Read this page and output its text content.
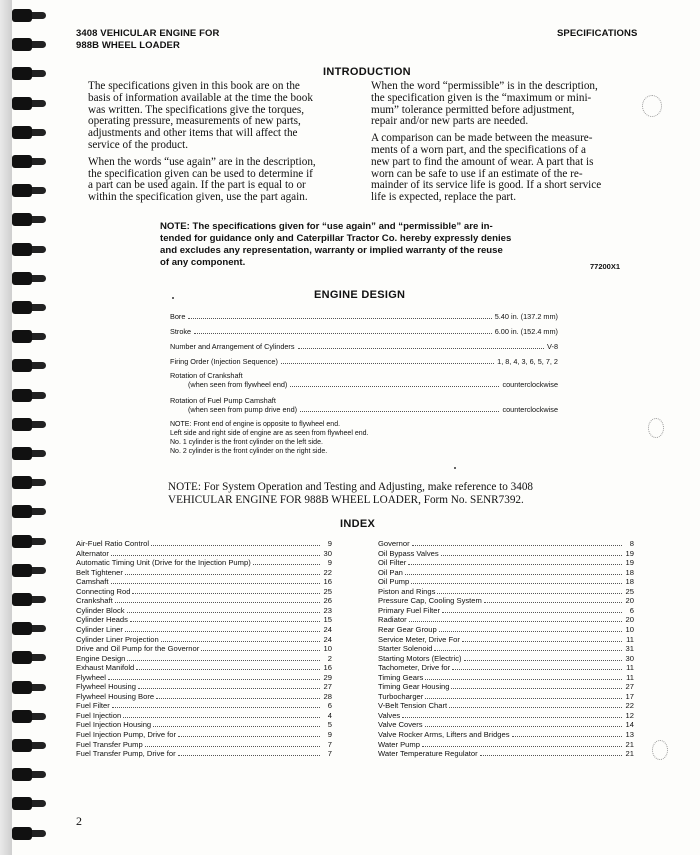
3408 VEHICULAR ENGINE FOR
988B WHEEL LOADER
SPECIFICATIONS
INTRODUCTION
The specifications given in this book are on the
basis of information available at the time the book
was written. The specifications give the torques,
operating pressure, measurements of new parts,
adjustments and other items that will affect the
service of the product.
When the words “use again” are in the description,
the specification given can be used to determine if
a part can be used again. If the part is equal to or
within the specification given, use the part again.
When the word “permissible” is in the description,
the specification given is the “maximum or mini-
mum” tolerance permitted before adjustment,
repair and/or new parts are needed.
A comparison can be made between the measure-
ments of a worn part, and the specifications of a
new part to find the amount of wear. A part that is
worn can be safe to use if an estimate of the re-
mainder of its service life is good. If a short service
life is expected, replace the part.
NOTE: The specifications given for “use again” and “permissible” are in-
tended for guidance only and Caterpillar Tractor Co. hereby expressly denies
and excludes any representation, warranty or implied warranty of the reuse
of any component.	77200X1
ENGINE DESIGN
Bore	5.40 in. (137.2 mm)
Stroke	6.00 in. (152.4 mm)
Number and Arrangement of Cylinders	V-8
Firing Order (Injection Sequence)	1, 8, 4, 3, 6, 5, 7, 2
Rotation of Crankshaft
(when seen from flywheel end)	counterclockwise
Rotation of Fuel Pump Camshaft
(when seen from pump drive end)	counterclockwise
NOTE: Front end of engine is opposite to flywheel end.
Left side and right side of engine are as seen from flywheel end.
No. 1 cylinder is the front cylinder on the left side.
No. 2 cylinder is the front cylinder on the right side.
NOTE: For System Operation and Testing and Adjusting, make reference to 3408
VEHICULAR ENGINE FOR 988B WHEEL LOADER, Form No. SENR7392.
INDEX
Air-Fuel Ratio Control	9
Alternator	30
Automatic Timing Unit (Drive for the Injection Pump)	9
Belt Tightener	22
Camshaft	16
Connecting Rod	25
Crankshaft	26
Cylinder Block	23
Cylinder Heads	15
Cylinder Liner	24
Cylinder Liner Projection	24
Drive and Oil Pump for the Governor	10
Engine Design	2
Exhaust Manifold	16
Flywheel	29
Flywheel Housing	27
Flywheel Housing Bore	28
Fuel Filter	6
Fuel Injection	4
Fuel Injection Housing	5
Fuel Injection Pump, Drive for	9
Fuel Transfer Pump	7
Fuel Transfer Pump, Drive for	7
Governor	8
Oil Bypass Valves	19
Oil Filter	19
Oil Pan	18
Oil Pump	18
Piston and Rings	25
Pressure Cap, Cooling System	20
Primary Fuel Filter	6
Radiator	20
Rear Gear Group	10
Service Meter, Drive For	11
Starter Solenoid	31
Starting Motors (Electric)	30
Tachometer, Drive for	11
Timing Gears	11
Timing Gear Housing	27
Turbocharger	17
V-Belt Tension Chart	22
Valves	12
Valve Covers	14
Valve Rocker Arms, Lifters and Bridges	13
Water Pump	21
Water Temperature Regulator	21
2
